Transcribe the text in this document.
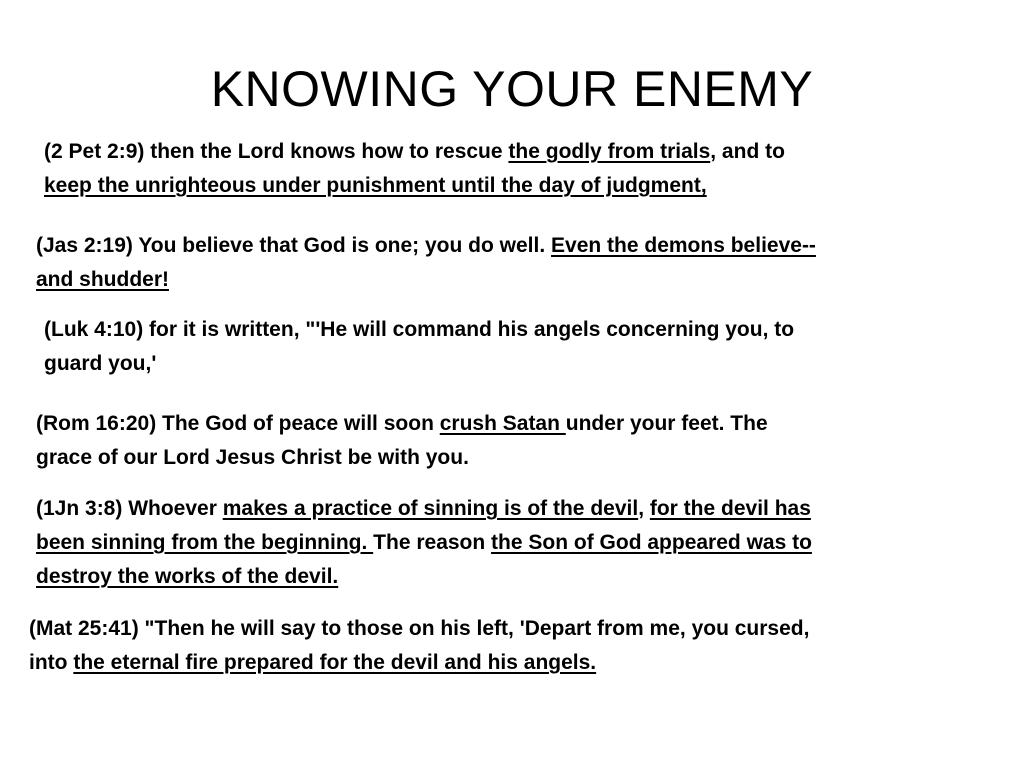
KNOWING YOUR ENEMY
(2 Pet 2:9) then the Lord knows how to rescue the godly from trials, and to
keep the unrighteous under punishment until the day of judgment,
(Jas 2:19) You believe that God is one; you do well. Even the demons believe--
and shudder!
(Luk 4:10) for it is written, "'He will command his angels concerning you, to
guard you,'
(Rom 16:20) The God of peace will soon crush Satan under your feet. The
grace of our Lord Jesus Christ be with you.
(1Jn 3:8) Whoever makes a practice of sinning is of the devil, for the devil has
been sinning from the beginning. The reason the Son of God appeared was to
destroy the works of the devil.
(Mat 25:41) "Then he will say to those on his left, 'Depart from me, you cursed,
into the eternal fire prepared for the devil and his angels.
